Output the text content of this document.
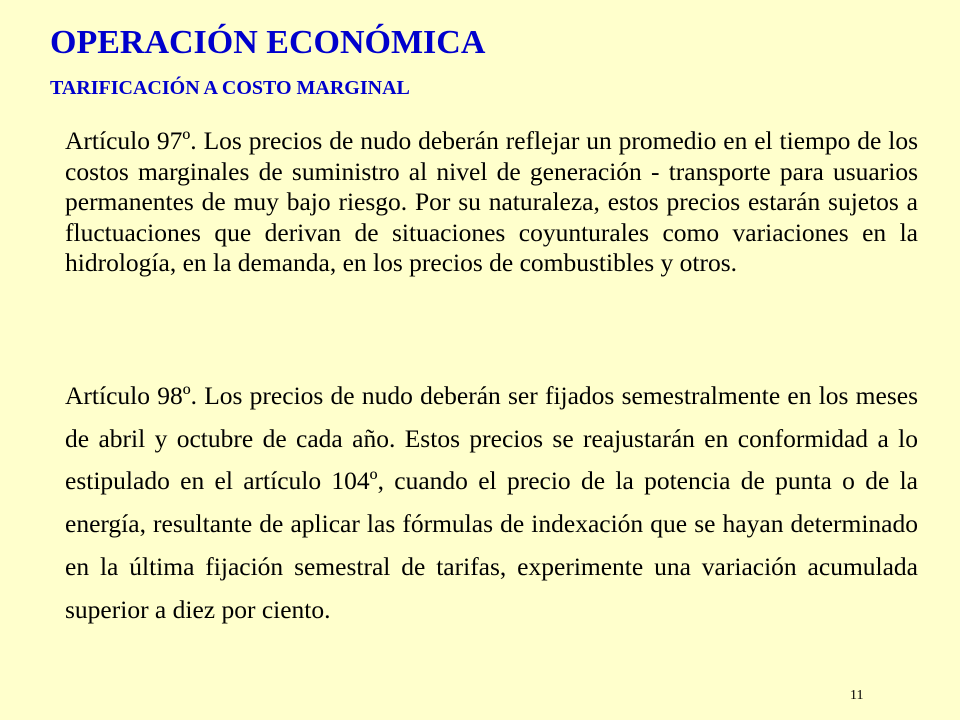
OPERACIÓN ECONÓMICA
TARIFICACIÓN A COSTO MARGINAL

Artículo 97º. Los precios de nudo deberán reflejar un promedio en el tiempo de los costos marginales de suministro al nivel de generación - transporte para usuarios permanentes de muy bajo riesgo. Por su naturaleza, estos precios estarán sujetos a fluctuaciones que derivan de situaciones coyunturales como variaciones en la hidrología, en la demanda, en los precios de combustibles y otros.

Artículo 98º. Los precios de nudo deberán ser fijados semestralmente en los meses de abril y octubre de cada año. Estos precios se reajustarán en conformidad a lo estipulado en el artículo 104º, cuando el precio de la potencia de punta o de la energía, resultante de aplicar las fórmulas de indexación que se hayan determinado en la última fijación semestral de tarifas, experimente una variación acumulada superior a diez por ciento.

11
